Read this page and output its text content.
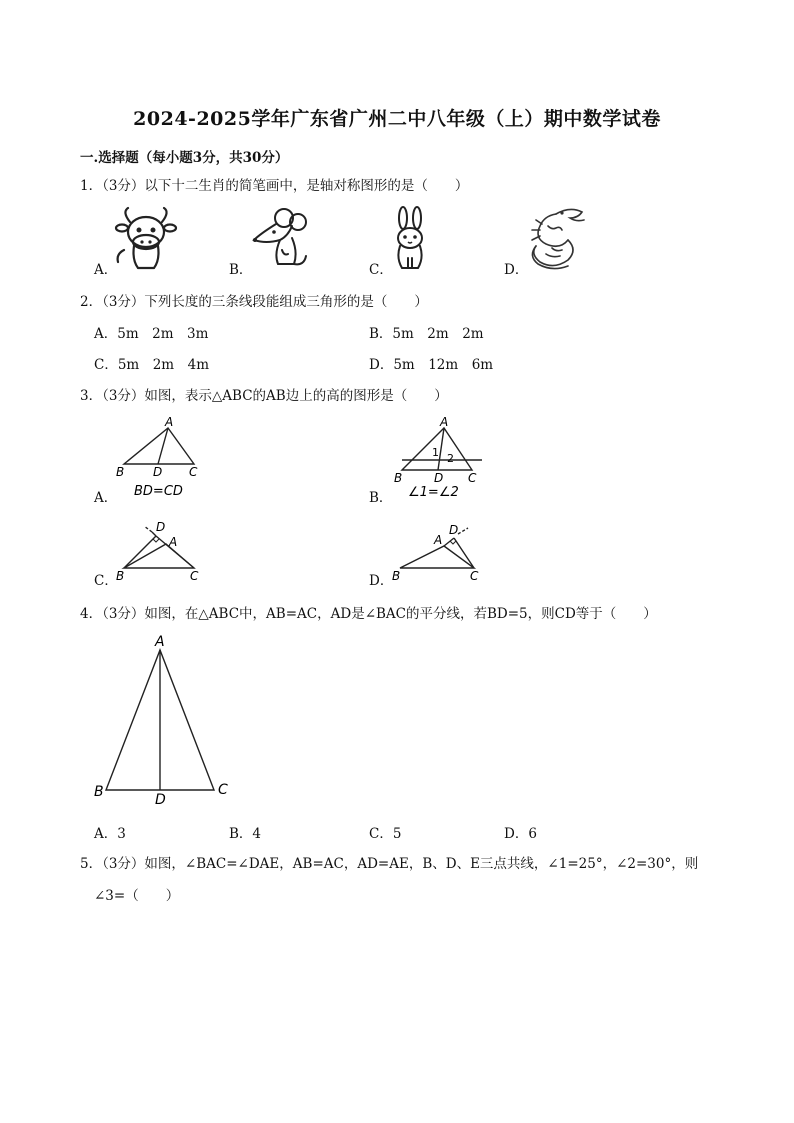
2024-2025学年广东省广州二中八年级（上）期中数学试卷
一.选择题（每小题3分，共30分）
1．（3分）以下十二生肖的简笔画中，是轴对称图形的是（　　）
A．	B．	C．	D．
2．（3分）下列长度的三条线段能组成三角形的是（　　）
A．5m　2m　3m	B．5m　2m　2m
C．5m　2m　4m	D．5m　12m　6m
3．（3分）如图，表示△ABC的AB边上的高的图形是（　　）
A．
A
B D C
BD=CD	B．
A
1 2
B	D C
∠1=∠2
C．
D
A
B	C	D．
D
A
B	C
4．（3分）如图，在△ABC中，AB=AC，AD是∠BAC的平分线，若BD=5，则CD等于（　　）
A
B	D
C
A．3	B．4	C．5	D．6
5．（3分）如图，∠BAC=∠DAE，AB=AC，AD=AE，B、D、E三点共线，∠1=25°，∠2=30°，则
∠3=（　　）
